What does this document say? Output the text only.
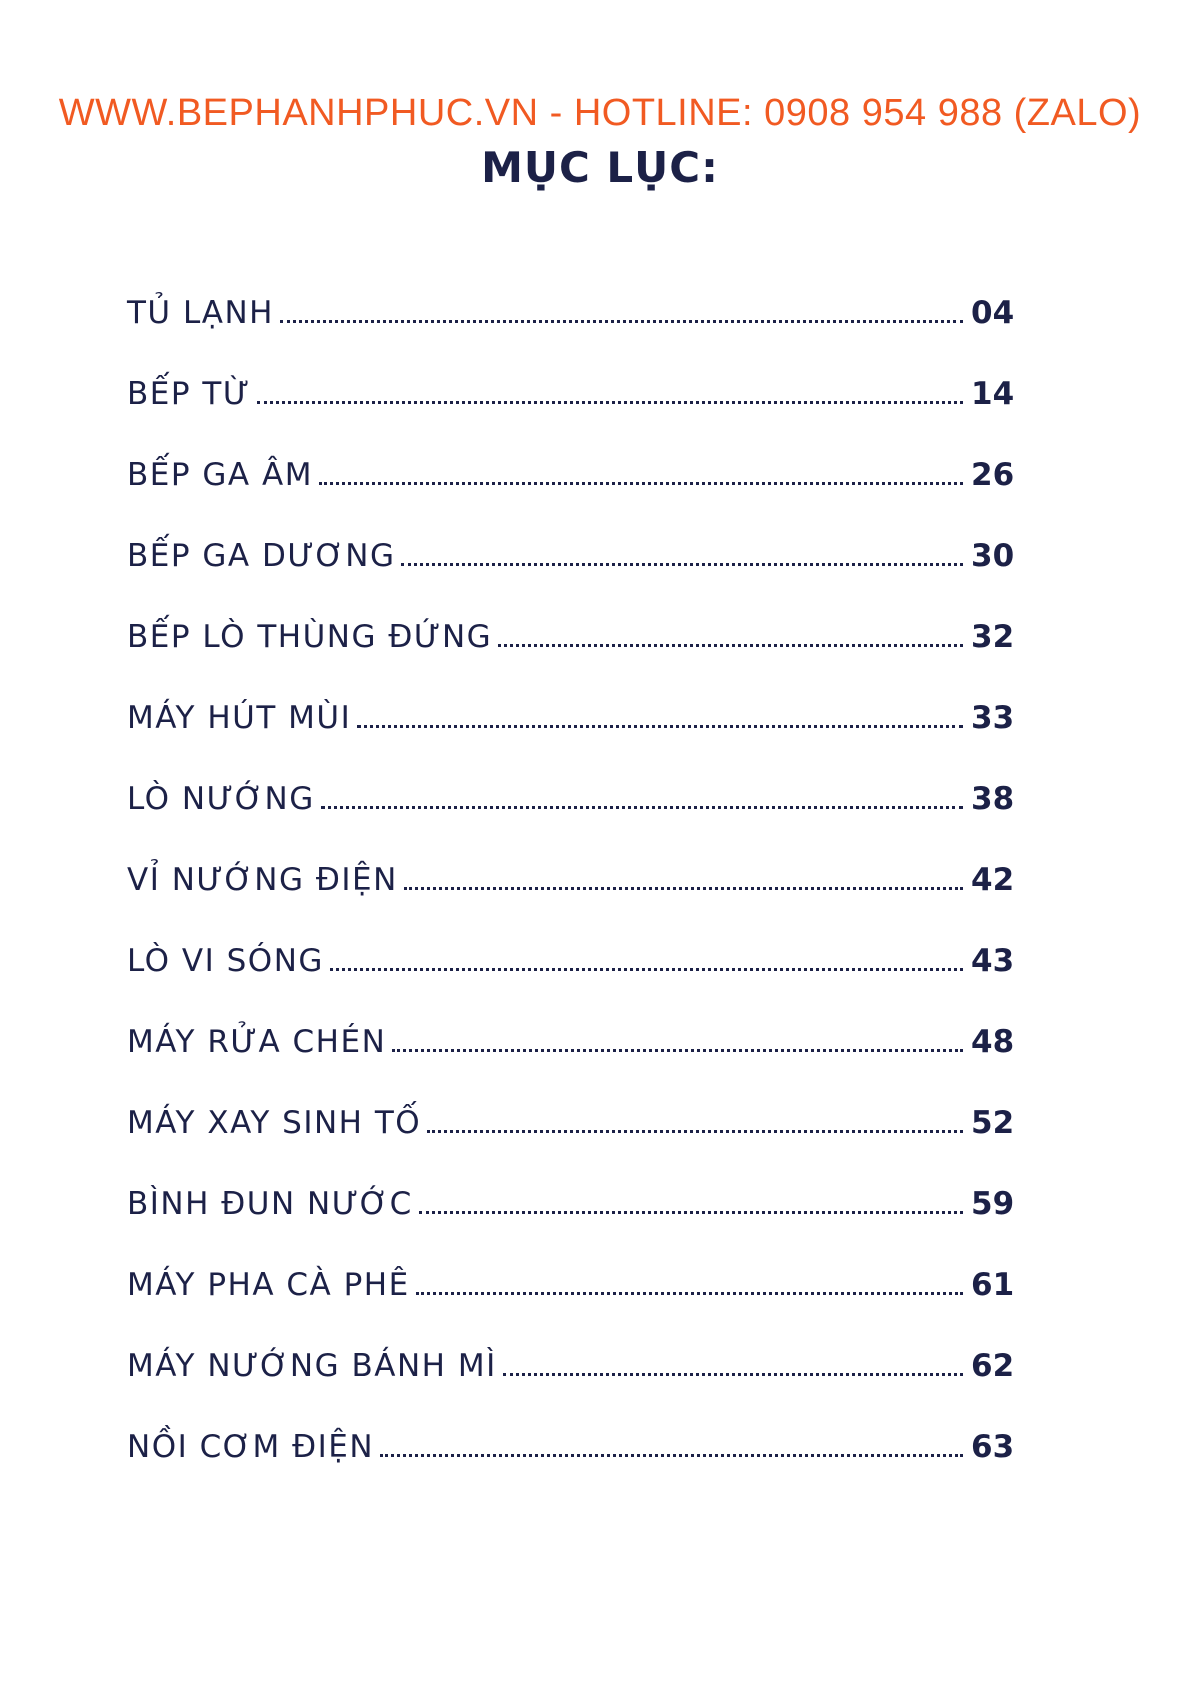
WWW.BEPHANHPHUC.VN - HOTLINE: 0908 954 988 (ZALO)
MỤC LỤC:
TỦ LẠNH	04
BẾP TỪ	14
BẾP GA ÂM	26
BẾP GA DƯƠNG	30
BẾP LÒ THÙNG ĐỨNG	32
MÁY HÚT MÙI	33
LÒ NƯỚNG	38
VỈ NƯỚNG ĐIỆN	42
LÒ VI SÓNG	43
MÁY RỬA CHÉN	48
MÁY XAY SINH TỐ	52
BÌNH ĐUN NƯỚC	59
MÁY PHA CÀ PHÊ	61
MÁY NƯỚNG BÁNH MÌ	62
NỒI CƠM ĐIỆN	63
